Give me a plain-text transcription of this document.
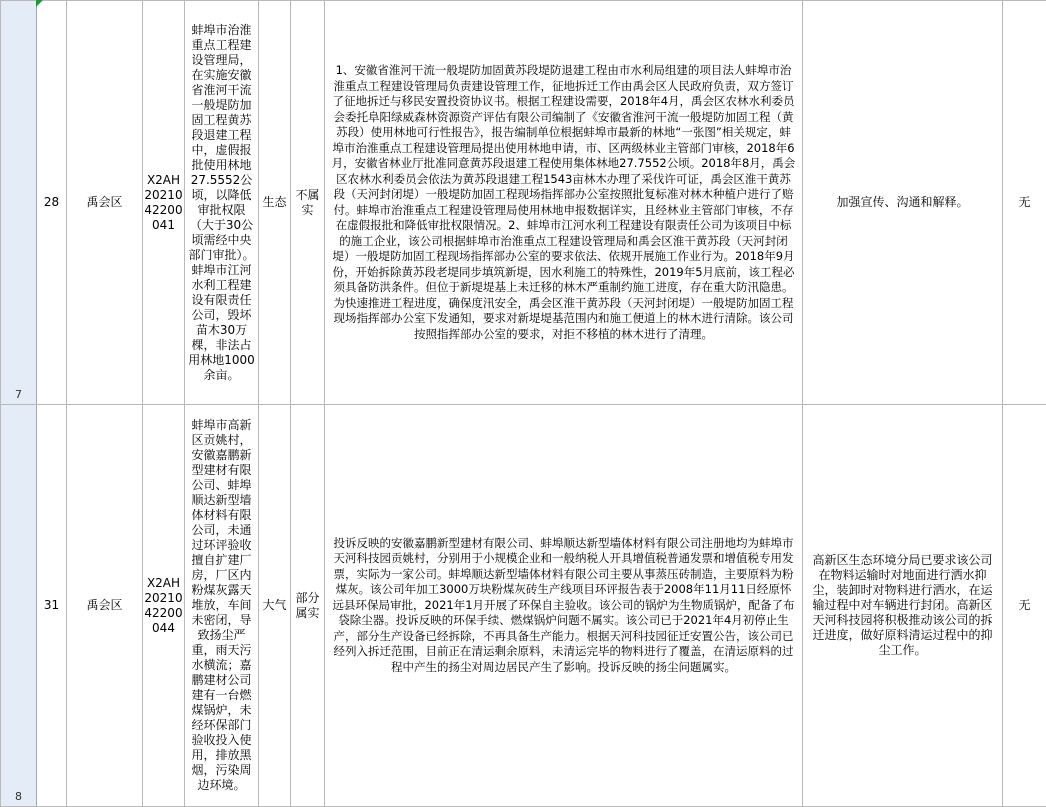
7	28	禹会区	X2AH2021042200041	蚌埠市治淮重点工程建设管理局，在实施安徽省淮河干流一般堤防加固工程黄苏段退建工程中，虚假报批使用林地27.5552公顷，以降低审批权限（大于30公顷需经中央部门审批）。蚌埠市江河水利工程建设有限责任公司，毁坏苗木30万棵，非法占用林地1000余亩。	生态	不属实	1、安徽省淮河干流一般堤防加固黄苏段堤防退建工程由市水利局组建的项目法人蚌埠市治淮重点工程建设管理局负责建设管理工作，征地拆迁工作由禹会区人民政府负责，双方签订了征地拆迁与移民安置投资协议书。根据工程建设需要，2018年4月，禹会区农林水利委员会委托阜阳绿威森林资源资产评估有限公司编制了《安徽省淮河干流一般堤防加固工程（黄苏段）使用林地可行性报告》，报告编制单位根据蚌埠市最新的林地“一张图”相关规定，蚌埠市治淮重点工程建设管理局提出使用林地申请，市、区两级林业主管部门审核，2018年6月，安徽省林业厅批准同意黄苏段退建工程使用集体林地27.7552公顷。2018年8月，禹会区农林水利委员会依法为黄苏段退建工程1543亩林木办理了采伐许可证，禹会区淮干黄苏段（天河封闭堤）一般堤防加固工程现场指挥部办公室按照批复标准对林木种植户进行了赔付。蚌埠市治淮重点工程建设管理局使用林地申报数据详实，且经林业主管部门审核，不存在虚假报批和降低审批权限情况。2、蚌埠市江河水利工程建设有限责任公司为该项目中标的施工企业，该公司根据蚌埠市治淮重点工程建设管理局和禹会区淮干黄苏段（天河封闭堤）一般堤防加固工程现场指挥部办公室的要求依法、依规开展施工作业行为。2018年9月份，开始拆除黄苏段老堤同步填筑新堤，因水利施工的特殊性，2019年5月底前，该工程必须具备防洪条件。但位于新堤堤基上未迁移的林木严重制约施工进度，存在重大防汛隐患。为快速推进工程进度，确保度汛安全，禹会区淮干黄苏段（天河封闭堤）一般堤防加固工程现场指挥部办公室下发通知，要求对新堤堤基范围内和施工便道上的林木进行清除。该公司按照指挥部办公室的要求，对拒不移植的林木进行了清理。	加强宣传、沟通和解释。	无
8	31	禹会区	X2AH2021042200044	蚌埠市高新区贡姚村，安徽嘉鹏新型建材有限公司、蚌埠顺达新型墙体材料有限公司，未通过环评验收擅自扩建厂房，厂区内粉煤灰露天堆放，车间未密闭，导致扬尘严重，雨天污水横流；嘉鹏建材公司建有一台燃煤锅炉，未经环保部门验收投入使用，排放黑烟，污染周边环境。	大气	部分属实	投诉反映的安徽嘉鹏新型建材有限公司、蚌埠顺达新型墙体材料有限公司注册地均为蚌埠市天河科技园贡姚村，分别用于小规模企业和一般纳税人开具增值税普通发票和增值税专用发票，实际为一家公司。蚌埠顺达新型墙体材料有限公司主要从事蒸压砖制造，主要原料为粉煤灰。该公司年加工3000万块粉煤灰砖生产线项目环评报告表于2008年11月11日经原怀远县环保局审批，2021年1月开展了环保自主验收。该公司的锅炉为生物质锅炉，配备了布袋除尘器。投诉反映的环保手续、燃煤锅炉问题不属实。该公司已于2021年4月初停止生产，部分生产设备已经拆除，不再具备生产能力。根据天河科技园征迁安置公告，该公司已经列入拆迁范围，目前正在清运剩余原料，未清运完毕的物料进行了覆盖，在清运原料的过程中产生的扬尘对周边居民产生了影响。投诉反映的扬尘问题属实。	高新区生态环境分局已要求该公司在物料运输时对地面进行洒水抑尘，装卸时对物料进行洒水，在运输过程中对车辆进行封闭。高新区天河科技园将积极推动该公司的拆迁进度，做好原料清运过程中的抑尘工作。	无
